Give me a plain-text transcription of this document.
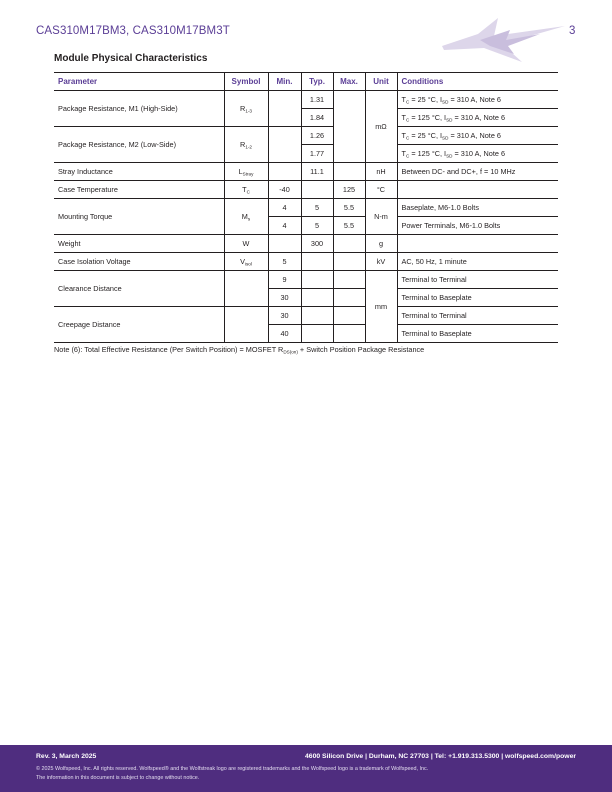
CAS310M17BM3, CAS310M17BM3T	3
Module Physical Characteristics
Parameter	Symbol	Min.	Typ.	Max.	Unit	Conditions
Package Resistance, M1 (High-Side)	$R_{1-3}$		1.31		mΩ	$T_C = 25$ °C, $I_{SD} = 310$ A, Note 6
			1.84			$T_C = 125$ °C, $I_{SD} = 310$ A, Note 6
Package Resistance, M2 (Low-Side)	$R_{1-2}$		1.26			$T_C = 25$ °C, $I_{SD} = 310$ A, Note 6
			1.77			$T_C = 125$ °C, $I_{SD} = 310$ A, Note 6
Stray Inductance	$L_{Stray}$		11.1		nH	Between DC- and DC+, f = 10 MHz
Case Temperature	$T_C$	-40		125	°C	
Mounting Torque	$M_s$	4	5	5.5	N-m	Baseplate, M6-1.0 Bolts
		4	5	5.5		Power Terminals, M6-1.0 Bolts
Weight	W		300		g	
Case Isolation Voltage	$V_{isol}$	5			kV	AC, 50 Hz, 1 minute
Clearance Distance		9			mm	Terminal to Terminal
		30				Terminal to Baseplate
Creepage Distance		30				Terminal to Terminal
		40				Terminal to Baseplate
Note (6): Total Effective Resistance (Per Switch Position) = MOSFET $R_{DS(on)}$ + Switch Position Package Resistance
Rev. 3, March 2025	4600 Silicon Drive | Durham, NC 27703 | Tel: +1.919.313.5300 | wolfspeed.com/power
© 2025 Wolfspeed, Inc. All rights reserved. Wolfspeed® and the Wolfstreak logo are registered trademarks and the Wolfspeed logo is a trademark of Wolfspeed, Inc.
The information in this document is subject to change without notice.
